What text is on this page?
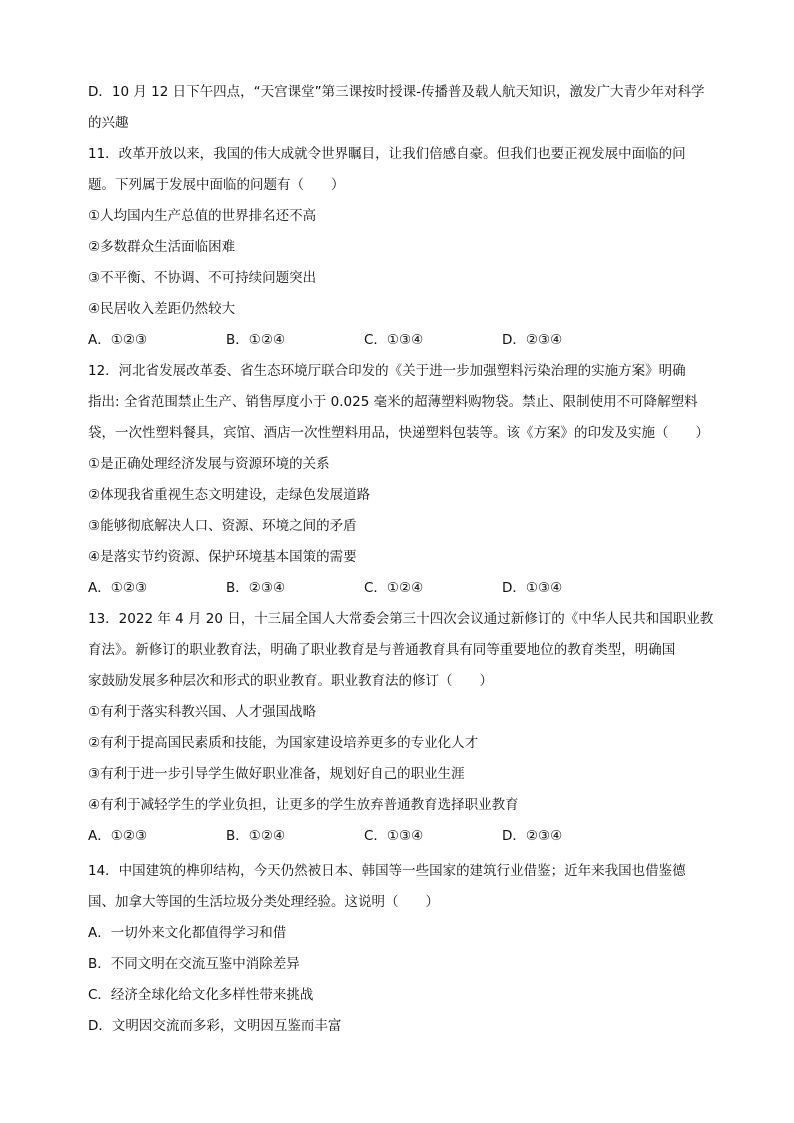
D．10 月 12 日下午四点，“天宫课堂”第三课按时授课-传播普及载人航天知识，激发广大青少年对科学
的兴趣
11．改革开放以来，我国的伟大成就令世界瞩目，让我们倍感自豪。但我们也要正视发展中面临的问
题。下列属于发展中面临的问题有（　　）
①人均国内生产总值的世界排名还不高
②多数群众生活面临困难
③不平衡、不协调、不可持续问题突出
④民居收入差距仍然较大
A．①②③	B．①②④	C．①③④	D．②③④
12．河北省发展改革委、省生态环境厅联合印发的《关于进一步加强塑料污染治理的实施方案》明确
指出: 全省范围禁止生产、销售厚度小于 0.025 毫米的超薄塑料购物袋。禁止、限制使用不可降解塑料
袋，一次性塑料餐具，宾馆、酒店一次性塑料用品，快递塑料包装等。该《方案》的印发及实施（　　）
①是正确处理经济发展与资源环境的关系
②体现我省重视生态文明建设，走绿色发展道路
③能够彻底解决人口、资源、环境之间的矛盾
④是落实节约资源、保护环境基本国策的需要
A．①②③	B．②③④	C．①②④	D．①③④
13．2022 年 4 月 20 日，十三届全国人大常委会第三十四次会议通过新修订的《中华人民共和国职业教
育法》。新修订的职业教育法，明确了职业教育是与普通教育具有同等重要地位的教育类型，明确国
家鼓励发展多种层次和形式的职业教育。职业教育法的修订（　　）
①有利于落实科教兴国、人才强国战略
②有利于提高国民素质和技能，为国家建设培养更多的专业化人才
③有利于进一步引导学生做好职业准备，规划好自己的职业生涯
④有利于减轻学生的学业负担，让更多的学生放弃普通教育选择职业教育
A．①②③	B．①②④	C．①③④	D．②③④
14．中国建筑的榫卯结构，今天仍然被日本、韩国等一些国家的建筑行业借鉴；近年来我国也借鉴德
国、加拿大等国的生活垃圾分类处理经验。这说明（　　）
A．一切外来文化都值得学习和借
B．不同文明在交流互鉴中消除差异
C．经济全球化给文化多样性带来挑战
D．文明因交流而多彩，文明因互鉴而丰富
